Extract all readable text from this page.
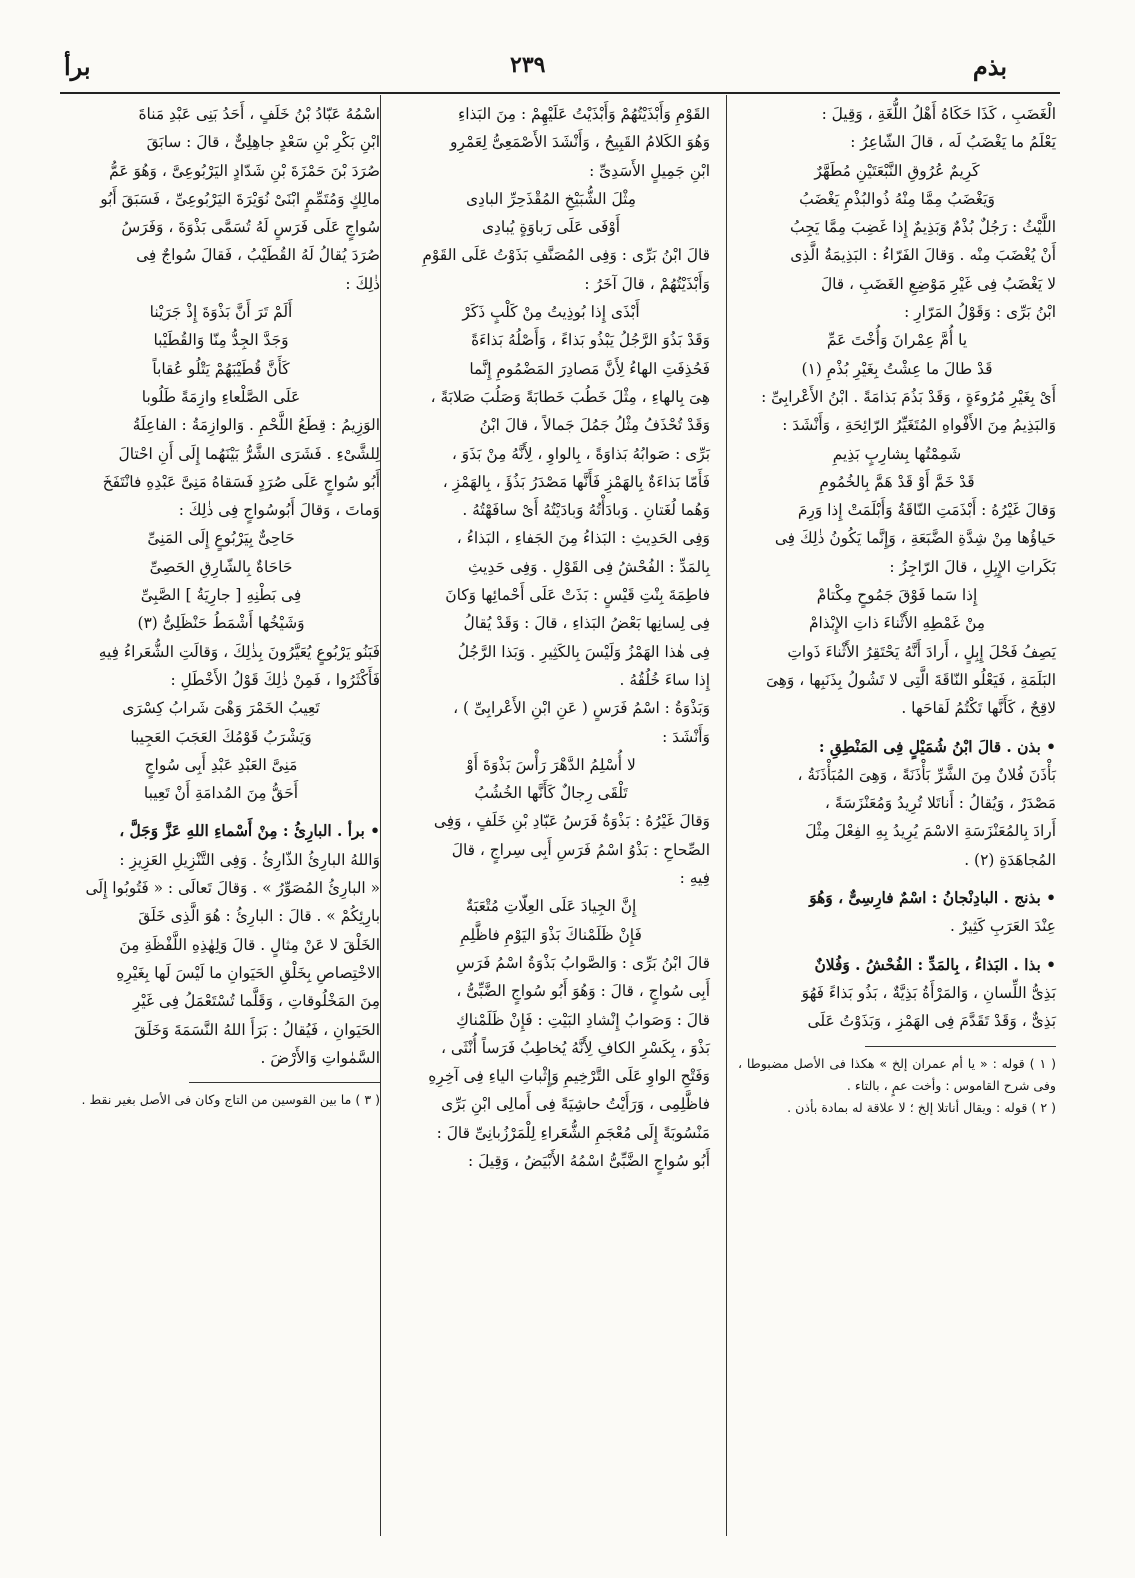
بذم
٢٣٩
برأ

الْغَضَبِ ، كَذَا حَكَاهُ أَهْلُ اللُّغَةِ ، وَقِيلَ :

يَعْلَمُ ما يَغْضَبُ لَه ، قالَ الشّاعِرُ :

كَرِيمٌ عُرُوقِ النَّبْعَتَيْنِ مُطَهَّرٌ

وَيَغْضَبُ مِمَّا مِنْهُ ذُوالبُذْمِ يَغْضَبُ

اللَّيْثُ : رَجُلٌ بُذْمٌ وَبَذِيمٌ إِذا غَضِبَ مِمَّا يَجِبُ

أَنْ يُغْضَبَ مِنْه . وَقالَ الفَرّاءُ : البَذِيمَةُ الَّذِى

لا يَغْضَبُ فِى غَيْرِ مَوْضِعِ الغَضَبِ ، قالَ

ابْنُ بَرِّى : وَقَوْلُ المَرّارِ :

يا أُمَّ عِمْرانَ وَأُخْتَ عَمِّ

قَدْ طالَ ما عِشْتُ بِغَيْرِ بُذْمِ (١)

أَىْ بِغَيْرِ مُرُوءَةٍ ، وَقَدْ بَذُمَ بَذامَةً . ابْنُ الأَعْرابِىِّ :

وَالبَذِيمُ مِنَ الأَفْواهِ المُتَغَيِّرُ الرّائِحَةِ ، وَأَنْشَدَ :

شَمِمْتُها بِشارِبٍ بَذِيمِ

قَدْ خَمَّ أَوْ قَدْ هَمَّ بِالخُمُومِ

وَقالَ غَيْرُهُ : أَبْذَمَتِ النّاقَةُ وَأَبْلَمَتْ إِذا وَرِمَ

حَياؤُها مِنْ شِدَّةِ الضَّبَعَةِ ، وَإِنَّما يَكُونُ ذٰلِكَ فِى

بَكَراتِ الإِبِلِ ، قالَ الرّاجِزُ :

إِذا سَما فَوْقَ جَمُوحٍ مِكْتامْ

مِنْ غَمْطِهِ الأَثْناءَ ذاتِ الإِبْذامْ

يَصِفُ فَحْلَ إِبِلٍ ، أَرادَ أَنَّهُ يَحْتَقِرُ الأَثْناءَ ذَواتِ

البَلَمَةِ ، فَيَعْلُو النّاقَةَ الَّتِى لا تَشُولُ بِذَنَبِها ، وَهِىَ

لاقِحٌ ، كَأَنَّها تَكْتُمُ لَقاحَها .

• بذن . قالَ ابْنُ شُمَيْلٍ فِى المَنْطِقِ :

بَأْذَنَ فُلانٌ مِنَ الشَّرِّ بَأْذَنَةً ، وَهِىَ المُبَأْذَنَةُ ،

مَصْدَرٌ ، وَيُقالُ : أَناتَلا تُرِيدُ وَمُعَنْزَسَةً ،

أَرادَ بِالمُعَنْزَسَةِ الاسْمَ يُرِيدُ بِهِ الفِعْلَ مِثْلَ

المُجاهَدَةِ (٢) .

• بذنج . البادِنْجانُ : اسْمٌ فارِسِىٌّ ، وَهُوَ

عِنْدَ العَرَبِ كَثِيرٌ .

• بذا . البَذاءُ ، بِالمَدِّ : الفُحْشُ . وَفُلانٌ

بَذِىُّ اللِّسانِ ، وَالمَرْأَةُ بَذِيَّةٌ ، بَذُو بَذاءً فَهُوَ

بَذِىٌّ ، وَقَدْ تَقَدَّمَ فِى الهَمْزِ ، وَبَذَوْتُ عَلَى

( ١ ) قوله : « يا أم عمران إلخ » هكذا فى الأصل مضبوطا ، وفى شرح القاموس : وأخت عمٍ ، بالتاء .

( ٢ ) قوله : ويقال أناتلا إلخ ؛ لا علاقة له بمادة بأذن .

القَوْمِ وَأَبْذَيْتُهُمْ وَأَبْذَيْتُ عَلَيْهِمْ : مِنَ البَذاءِ

وَهُوَ الكَلامُ القَبِيحُ ، وَأَنْشَدَ الأَصْمَعِىُّ لِعَمْرِو

ابْنِ جَمِيلٍ الأَسَدِىِّ :

مِثْلَ الشُّبَيْخِ المُقْذَحِرِّ البادِى

أَوْفَى عَلَى رَباوَةٍ يُبادِى

قالَ ابْنُ بَرِّى : وَفِى المُصَنَّفِ بَذَوْتُ عَلَى القَوْمِ

وَأَبْذَيْتُهُمْ ، قالَ آخَرُ :

أَبْذَى إِذا بُوذِيتُ مِنْ كَلْبٍ ذَكَرْ

وَقَدْ بَذُوَ الرَّجُلُ يَبْذُو بَذاءً ، وَأَصْلُهُ بَذاءَةً

فَحُذِفَتِ الهاءُ لِأَنَّ مَصادِرَ المَضْمُومِ إِنَّما

هِىَ بِالهاءِ ، مِثْلَ خَطُبَ خَطابَةً وَصَلُبَ صَلابَةً ،

وَقَدْ تُحْذَفُ مِثْلُ جَمُلَ جَمالاً ، قالَ ابْنُ

بَرِّى : صَوابُهُ بَذاوَةً ، بِالواوِ ، لِأَنَّهُ مِنْ بَذَوَ ،

فَأَمّا بَذاءَةٌ بِالهَمْزِ فَأَنَّها مَصْدَرُ بَذُؤَ ، بِالهَمْزِ ،

وَهُما لُغَتانِ . وَبادَأْتُهُ وَبادَيْتُهُ أَىْ سافَهْتُهُ .

وَفِى الحَدِيثِ : البَذاءُ مِنَ الجَفاءِ ، البَذاءُ ،

بِالمَدِّ : الفُحْشُ فِى القَوْلِ . وَفِى حَدِيثِ

فاطِمَةَ بِنْتِ قَيْسٍ : بَذَتْ عَلَى أَحْمائِها وَكانَ

فِى لِسانِها بَعْضُ البَذاءِ ، قالَ : وَقَدْ يُقالُ

فِى هٰذا الهَمْزُ وَلَيْسَ بِالكَثِيرِ . وَبَذا الرَّجُلُ

إِذا ساءَ خُلُقُهُ .

وَبَذْوَةُ : اسْمُ فَرَسٍ ( عَنِ ابْنِ الأَعْرابِىِّ ) ،

وَأَنْشَدَ :

لا أُسْلِمُ الدَّهْرَ رَأْسَ بَذْوَةَ أَوْ

تَلْقَى رِجالٌ كَأَنَّها الخُشُبُ

وَقالَ غَيْرُهُ : بَذْوَةُ فَرَسُ عَبّادِ بْنِ خَلَفٍ ، وَفِى

الصِّحاحِ : بَذْوُ اسْمُ فَرَسِ أَبِى سِراجٍ ، قالَ

فِيهِ :

إِنَّ الجِيادَ عَلَى العِلّاتِ مُتْعَبَةٌ

فَإِنْ ظَلَمْناكَ بَذْوَ اليَوْمِ فاظَّلِمِ

قالَ ابْنُ بَرِّى : وَالصَّوابُ بَذْوَةُ اسْمُ فَرَسِ

أَبِى سُواجٍ ، قالَ : وَهُوَ أَبُو سُواجٍ الضَّبِّىُّ ،

قالَ : وَصَوابُ إِنْشادِ البَيْتِ : فَإِنْ ظَلَمْناكِ

بَذْوَ ، بِكَسْرِ الكافِ لِأَنَّهُ يُخاطِبُ فَرَساً أُنْثَى ،

وَفَتْحِ الواوِ عَلَى التَّرْخِيمِ وَإِثْباتِ الياءِ فِى آخِرِهِ

فاظَّلِمِى ، وَرَأَيْتُ حاشِيَةً فِى أَمالِى ابْنِ بَرِّى

مَنْسُوبَةً إِلَى مُعْجَمِ الشُّعَراءِ لِلْمَرْزُبانِىِّ قالَ :

أَبُو سُواجٍ الضَّبِّىُّ اسْمُهُ الأَبْيَضُ ، وَقِيلَ :

اسْمُهُ عَبّادُ بْنُ خَلَفٍ ، أَحَدُ بَنِى عَبْدِ مَناةَ

ابْنِ بَكْرِ بْنِ سَعْدٍ جاهِلِىٌّ ، قالَ : سابَقَ

صُرَدَ بْنَ حَمْزَةَ بْنِ شَدّادٍ اليَرْبُوعِىَّ ، وَهُوَ عَمُّ

مالِكٍ وَمُتَمِّمٍ ابْنَىْ نُوَيْرَةَ اليَرْبُوعِىِّ ، فَسَبَقَ أَبُو

سُواجٍ عَلَى فَرَسٍ لَهُ تُسَمَّى بَذْوَةَ ، وَفَرَسُ

صُرَدَ يُقالُ لَهُ القُطَيْبُ ، فَقالَ سُواجٌ فِى

ذٰلِكَ :

أَلَمْ تَرَ أَنَّ بَذْوَةَ إِذْ جَرَيْنا

وَجَدَّ الجِدُّ مِنّا وَالقُطَيْبا

كَأَنَّ قُطَيْبَهُمْ يَتْلُو عُقاباً

عَلَى الصَّلْعاءِ وازِمَةً طَلُوبا

الوَزِيمُ : قِطَعُ اللَّحْمِ . وَالوازِمَةُ : الفاعِلَةُ

لِلشَّىْءِ . فَشَرَى الشَّرُّ بَيْنَهُما إِلَى أَنِ احْتالَ

أَبُو سُواجٍ عَلَى صُرَدٍ فَسَقاهُ مَنِىَّ عَبْدِهِ فانْتَفَخَ

وَماتَ ، وَقالَ أَبُوسُواجٍ فِى ذٰلِكَ :

حَاحِىٌّ بِيَرْبُوعٍ إِلَى المَنِىِّ

حَاحَاةٌ بِالشّارِقِ الحَصِىِّ

فِى بَطْنِهِ [ جارِيَةُ ] الصَّبِىِّ

وَشَيْخُها أَشْمَطُ حَنْظَلِىُّ (٣)

فَبَنُو يَرْبُوعٍ يُعَيَّرُونَ بِذٰلِكَ ، وَقالَتِ الشُّعَراءُ فِيهِ

فَأَكْثَرُوا ، فَمِنْ ذٰلِكَ قَوْلُ الأَخْطَلِ :

تَعِيبُ الخَمْرَ وَهْىَ شَرابُ كِسْرَى

وَيَشْرَبُ قَوْمُكَ العَجَبَ العَجِيبا

مَنِىَّ العَبْدِ عَبْدِ أَبِى سُواجٍ

أَحَقُّ مِنَ المُدامَةِ أَنْ تَعِيبا

• برأ . البارِئُ : مِنْ أَسْماءِ اللهِ عَزَّ وَجَلَّ ،

وَاللهُ البارِئُ الذّارِئُ . وَفِى التَّنْزِيلِ العَزِيزِ :

« البارِئُ المُصَوِّرُ » . وَقالَ تَعالَى : « فَتُوبُوا إِلَى

بارِئِكُمْ » . قالَ : البارِئُ : هُوَ الَّذِى خَلَقَ

الخَلْقَ لا عَنْ مِثالٍ . قالَ وَلِهٰذِهِ اللَّفْظَةِ مِنَ

الاخْتِصاصِ بِخَلْقِ الحَيَوانِ ما لَيْسَ لَها بِغَيْرِهِ

مِنَ المَخْلُوقاتِ ، وَقَلَّما تُسْتَعْمَلُ فِى غَيْرِ

الحَيَوانِ ، فَيُقالُ : بَرَأَ اللهُ النَّسَمَةَ وَخَلَقَ

السَّمٰواتِ وَالأَرْضَ .

( ٣ ) ما بين القوسين من التاج وكان فى الأصل بغير نقط .
